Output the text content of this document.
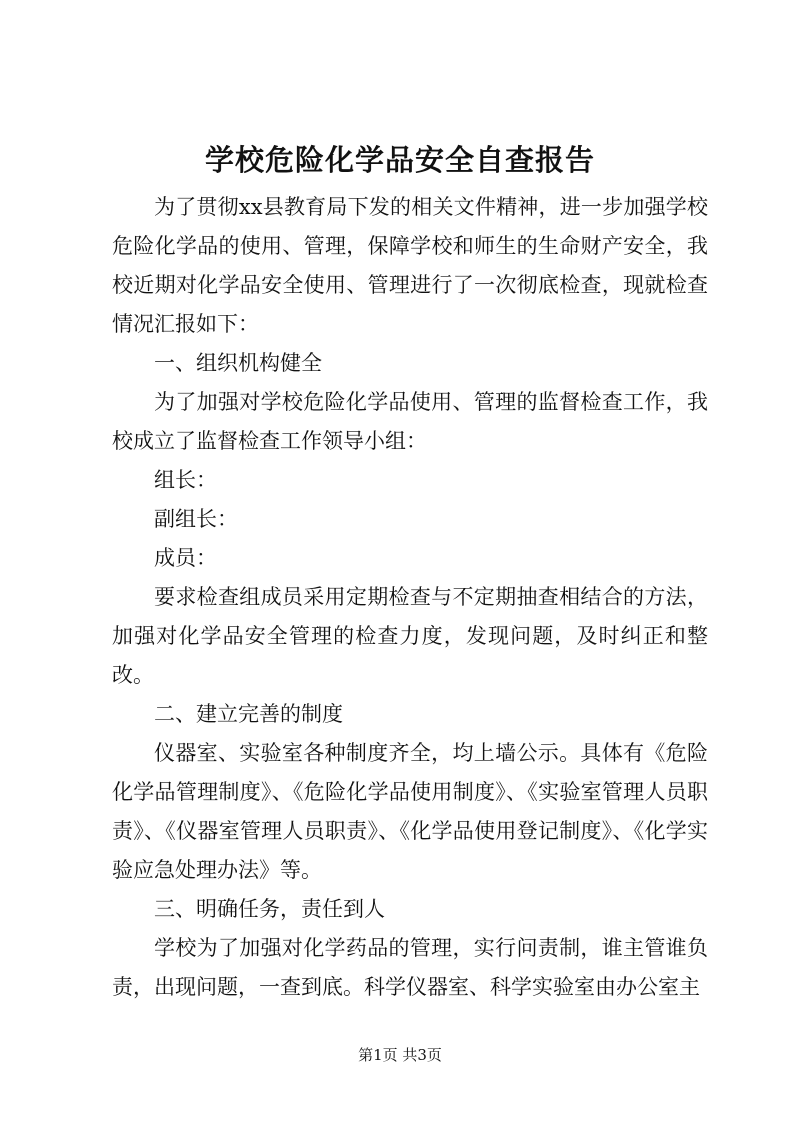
学校危险化学品安全自查报告

为了贯彻xx县教育局下发的相关文件精神，进一步加强学校危险化学品的使用、管理，保障学校和师生的生命财产安全，我校近期对化学品安全使用、管理进行了一次彻底检查，现就检查情况汇报如下：

一、组织机构健全

为了加强对学校危险化学品使用、管理的监督检查工作，我校成立了监督检查工作领导小组：

组长：

副组长：

成员：

要求检查组成员采用定期检查与不定期抽查相结合的方法，加强对化学品安全管理的检查力度，发现问题，及时纠正和整改。

二、建立完善的制度

仪器室、实验室各种制度齐全，均上墙公示。具体有《危险化学品管理制度》、《危险化学品使用制度》、《实验室管理人员职责》、《仪器室管理人员职责》、《化学品使用登记制度》、《化学实验应急处理办法》等。

三、明确任务，责任到人

学校为了加强对化学药品的管理，实行问责制，谁主管谁负责，出现问题，一查到底。科学仪器室、科学实验室由办公室主

第1页 共3页
